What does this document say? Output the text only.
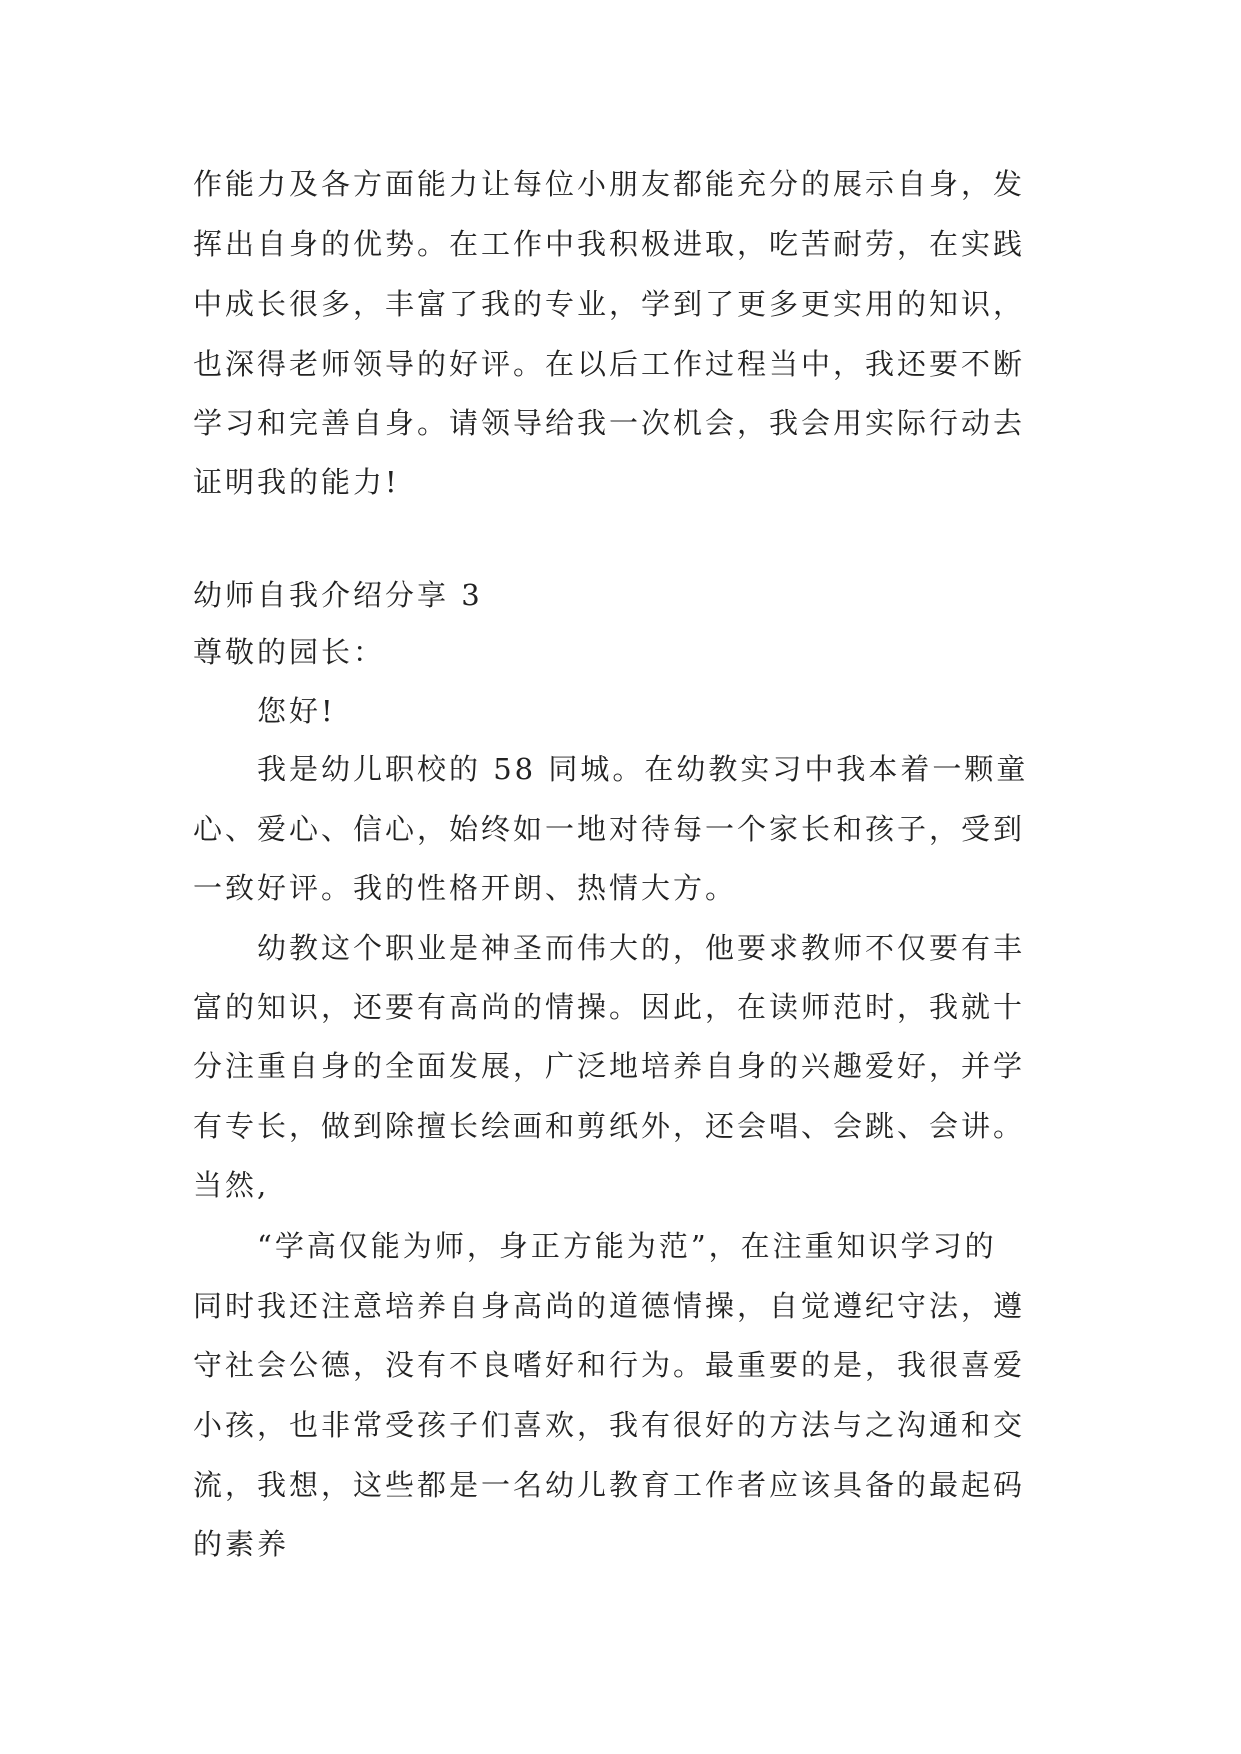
作能力及各方面能力让每位小朋友都能充分的展示自身，发
挥出自身的优势。在工作中我积极进取，吃苦耐劳，在实践
中成长很多，丰富了我的专业，学到了更多更实用的知识，
也深得老师领导的好评。在以后工作过程当中，我还要不断
学习和完善自身。请领导给我一次机会，我会用实际行动去
证明我的能力!
幼师自我介绍分享 3
尊敬的园长：
您好!
我是幼儿职校的 58 同城。在幼教实习中我本着一颗童
心、爱心、信心，始终如一地对待每一个家长和孩子，受到
一致好评。我的性格开朗、热情大方。
幼教这个职业是神圣而伟大的，他要求教师不仅要有丰
富的知识，还要有高尚的情操。因此，在读师范时，我就十
分注重自身的全面发展，广泛地培养自身的兴趣爱好，并学
有专长，做到除擅长绘画和剪纸外，还会唱、会跳、会讲。
当然,
“学高仅能为师，身正方能为范”，在注重知识学习的
同时我还注意培养自身高尚的道德情操，自觉遵纪守法，遵
守社会公德，没有不良嗜好和行为。最重要的是，我很喜爱
小孩，也非常受孩子们喜欢，我有很好的方法与之沟通和交
流，我想，这些都是一名幼儿教育工作者应该具备的最起码
的素养
